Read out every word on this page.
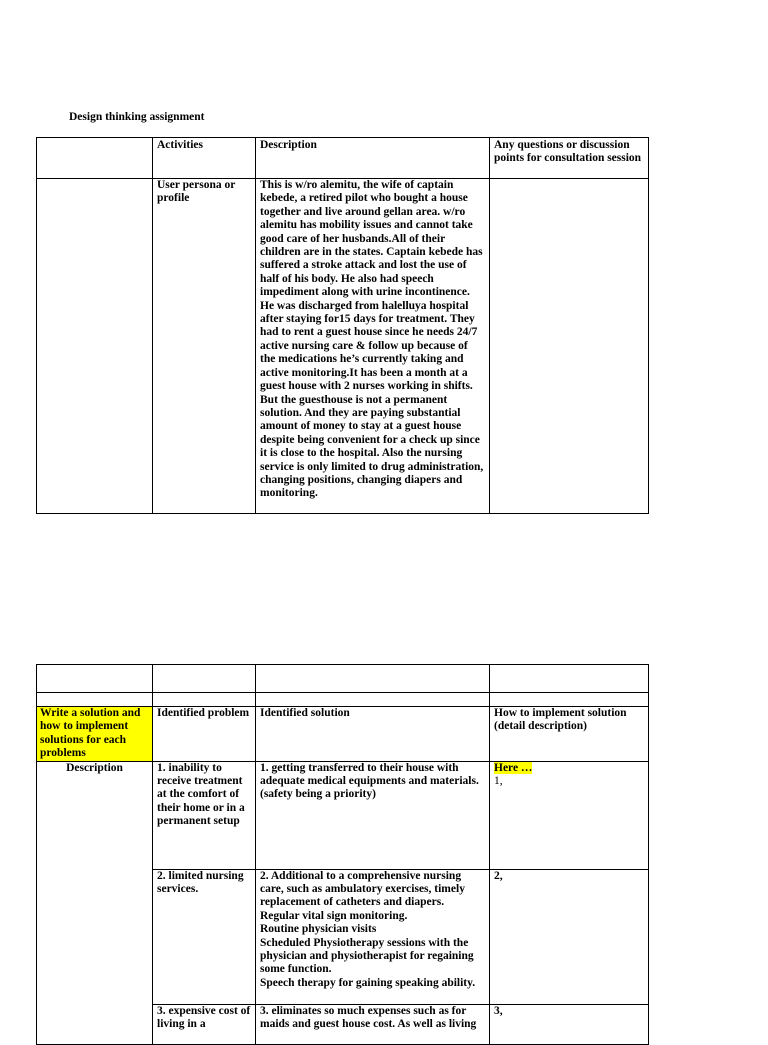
Design thinking assignment
	Activities	Description	Any questions or discussion points for consultation session
	User persona or profile	This is w/ro alemitu, the wife of captain kebede, a retired pilot who bought a house together and live around gellan area. w/ro alemitu has mobility issues and cannot take good care of her husbands.All of their children are in the states. Captain kebede has suffered a stroke attack and lost the use of half of his body. He also had speech impediment along with urine incontinence. He was discharged from halelluya hospital after staying for15 days for treatment. They had to rent a guest house since he needs 24/7 active nursing care & follow up because of the medications he’s currently taking and active monitoring.It has been a month at a guest house with 2 nurses working in shifts. But the guesthouse is not a permanent solution. And they are paying substantial amount of money to stay at a guest house despite being convenient for a check up since it is close to the hospital. Also the nursing service is only limited to drug administration, changing positions, changing diapers and monitoring.	

Write a solution and how to implement solutions for each problems	Identified problem	Identified solution	How to implement solution (detail description)
Description	1. inability to receive treatment at the comfort of their home or in a permanent setup	1. getting transferred to their house with adequate medical equipments and materials.(safety being a priority)	Here …
1,
	2. limited nursing services.	2. Additional to a comprehensive nursing care, such as ambulatory exercises, timely replacement of catheters and diapers.
Regular vital sign monitoring.
Routine physician visits
Scheduled Physiotherapy sessions with the physician and physiotherapist for regaining some function.
Speech therapy for gaining speaking ability.	2,
	3. expensive cost of living in a	3. eliminates so much expenses such as for maids and guest house cost. As well as living	3,
